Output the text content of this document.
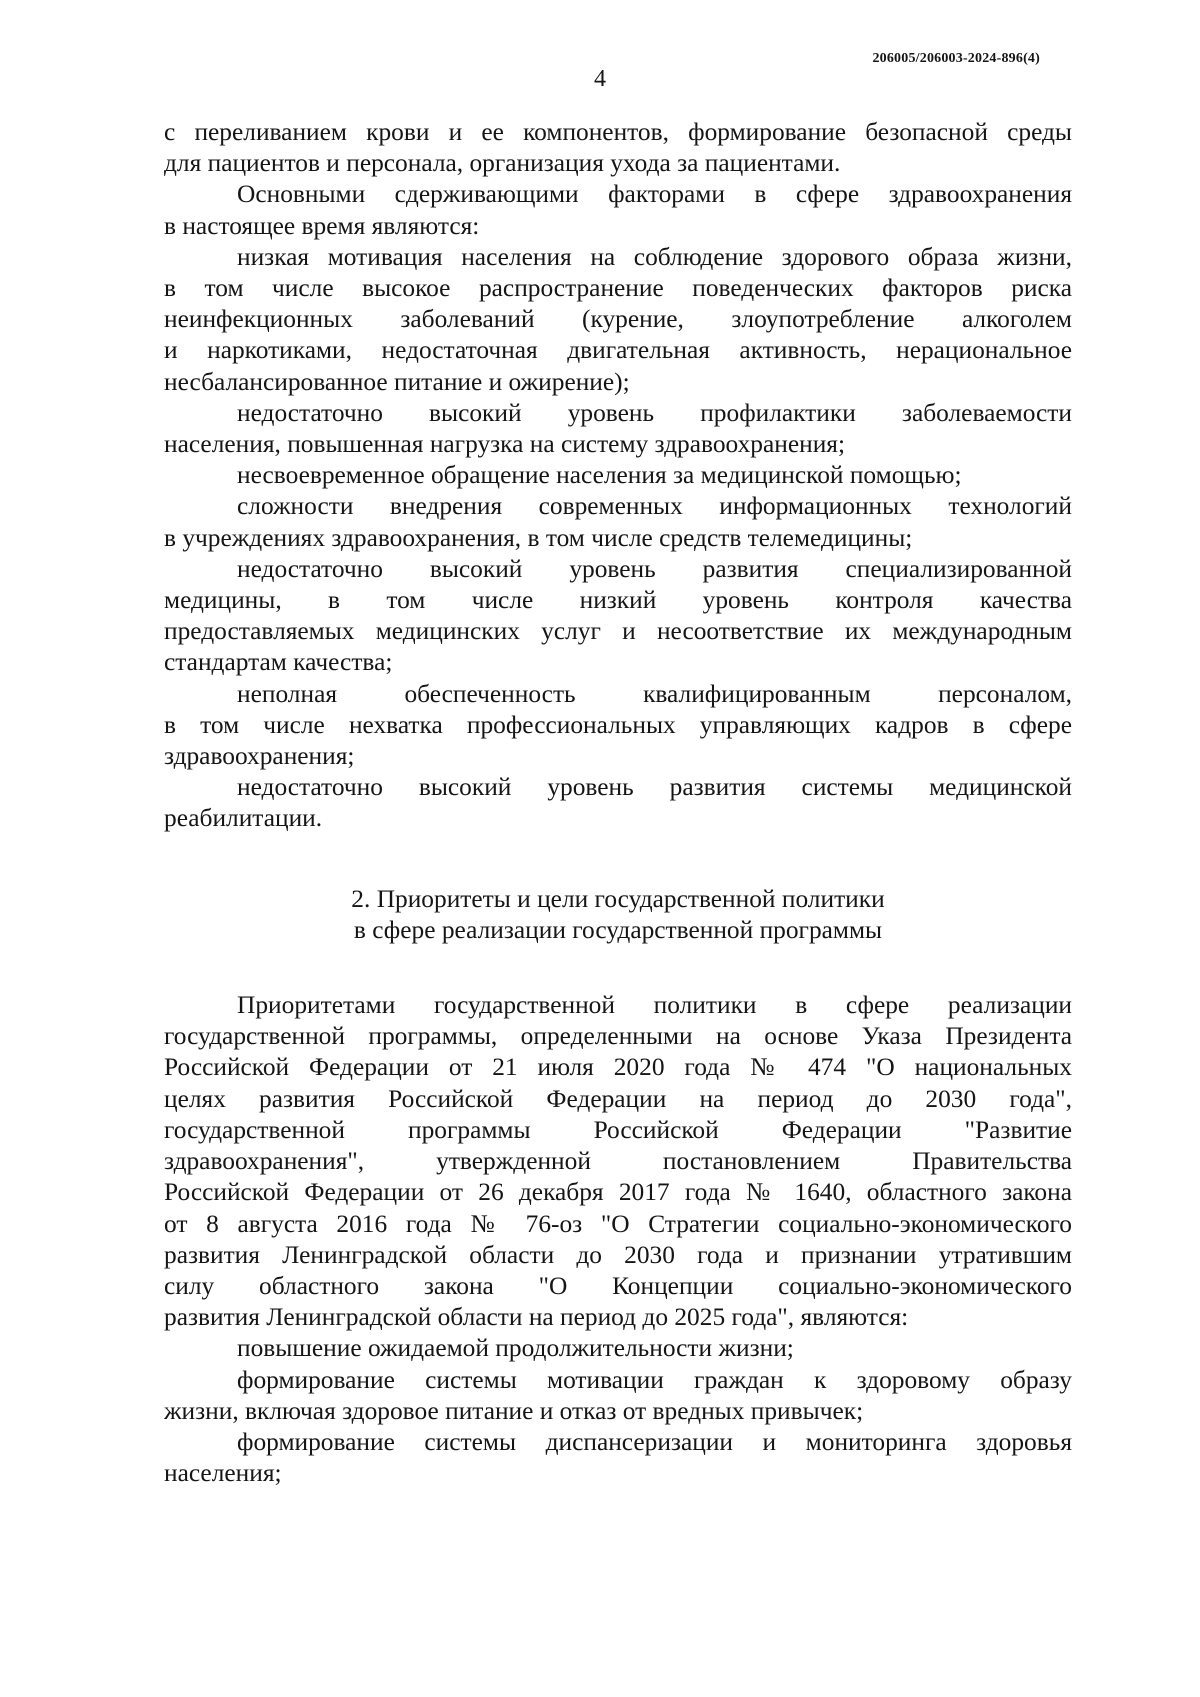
206005/206003-2024-896(4)
4

с переливанием крови и ее компонентов, формирование безопасной среды

для пациентов и персонала, организация ухода за пациентами.

Основными сдерживающими факторами в сфере здравоохранения

в настоящее время являются:

низкая мотивация населения на соблюдение здорового образа жизни,

в том числе высокое распространение поведенческих факторов риска

неинфекционных заболеваний (курение, злоупотребление алкоголем

и наркотиками, недостаточная двигательная активность, нерациональное

несбалансированное питание и ожирение);

недостаточно высокий уровень профилактики заболеваемости

населения, повышенная нагрузка на систему здравоохранения;

несвоевременное обращение населения за медицинской помощью;

сложности внедрения современных информационных технологий

в учреждениях здравоохранения, в том числе средств телемедицины;

недостаточно высокий уровень развития специализированной

медицины, в том числе низкий уровень контроля качества

предоставляемых медицинских услуг и несоответствие их международным

стандартам качества;

неполная обеспеченность квалифицированным персоналом,

в том числе нехватка профессиональных управляющих кадров в сфере

здравоохранения;

недостаточно высокий уровень развития системы медицинской

реабилитации.

2. Приоритеты и цели государственной политики

в сфере реализации государственной программы

Приоритетами государственной политики в сфере реализации

государственной программы, определенными на основе Указа Президента

Российской Федерации от 21 июля 2020 года № 474 "О национальных

целях развития Российской Федерации на период до 2030 года",

государственной программы Российской Федерации "Развитие

здравоохранения", утвержденной постановлением Правительства

Российской Федерации от 26 декабря 2017 года № 1640, областного закона

от 8 августа 2016 года № 76-оз "О Стратегии социально-экономического

развития Ленинградской области до 2030 года и признании утратившим

силу областного закона "О Концепции социально-экономического

развития Ленинградской области на период до 2025 года", являются:

повышение ожидаемой продолжительности жизни;

формирование системы мотивации граждан к здоровому образу

жизни, включая здоровое питание и отказ от вредных привычек;

формирование системы диспансеризации и мониторинга здоровья

населения;
